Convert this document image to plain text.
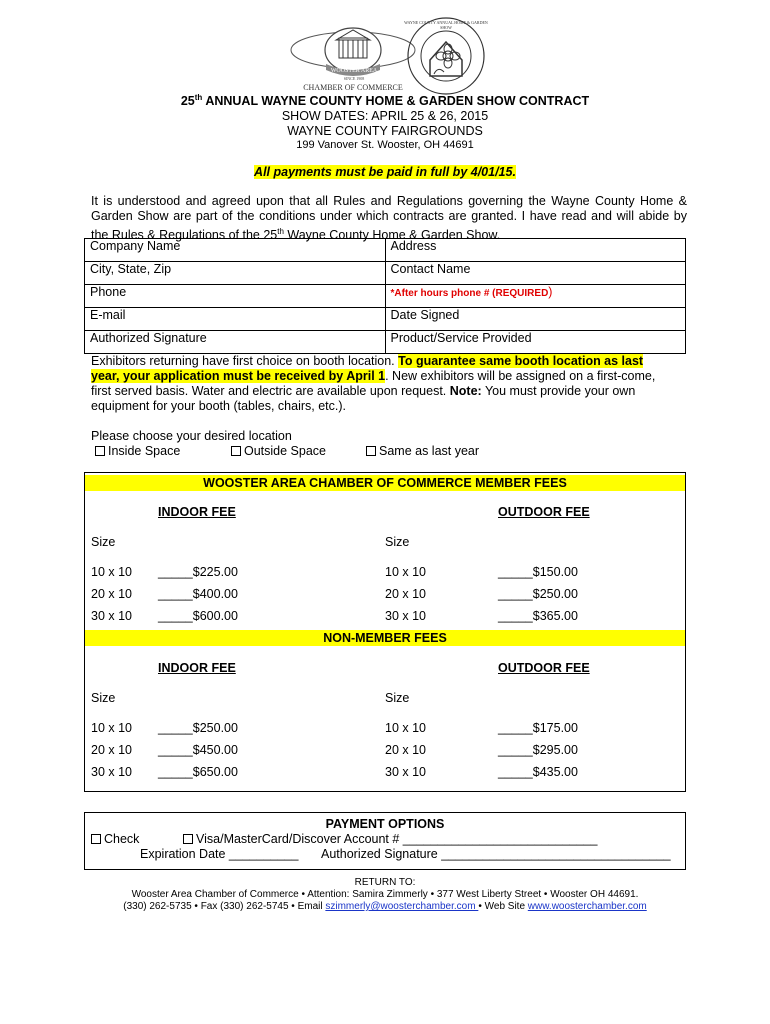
WOOSTER AREA
SINCE 1908
CHAMBER OF COMMERCE
WAYNE COUNTY ANNUAL HOME & GARDEN SHOW
25th ANNUAL WAYNE COUNTY HOME & GARDEN SHOW CONTRACT
SHOW DATES: APRIL 25 & 26, 2015
WAYNE COUNTY FAIRGROUNDS
199 Vanover St. Wooster, OH 44691
All payments must be paid in full by 4/01/15.
It is understood and agreed upon that all Rules and Regulations governing the Wayne County Home &
Garden Show are part of the conditions under which contracts are granted. I have read and will abide by
the Rules & Regulations of the 25th Wayne County Home & Garden Show.
Company Name	Address
City, State, Zip	Contact Name
Phone	*After hours phone # (REQUIRED)
E-mail	Date Signed
Authorized Signature	Product/Service Provided
Exhibitors returning have first choice on booth location. To guarantee same booth location as last
year, your application must be received by April 1. New exhibitors will be assigned on a first-come,
first served basis. Water and electric are available upon request. Note: You must provide your own
equipment for your booth (tables, chairs, etc.).
Please choose your desired location
Inside Space	Outside Space	Same as last year
WOOSTER AREA CHAMBER OF COMMERCE MEMBER FEES
INDOOR FEE	OUTDOOR FEE
Size	Size
10 x 10 _____$225.00	10 x 10	_____$150.00
20 x 10 _____$400.00	20 x 10	_____$250.00
30 x 10 _____$600.00	30 x 10	_____$365.00
NON-MEMBER FEES
INDOOR FEE	OUTDOOR FEE
Size	Size
10 x 10 _____$250.00	10 x 10	_____$175.00
20 x 10 _____$450.00	20 x 10	_____$295.00
30 x 10 _____$650.00	30 x 10	_____$435.00
PAYMENT OPTIONS
Check	Visa/MasterCard/Discover Account # ____________________________
Expiration Date __________ Authorized Signature _________________________________
RETURN TO:
Wooster Area Chamber of Commerce • Attention: Samira Zimmerly • 377 West Liberty Street • Wooster OH 44691.
(330) 262-5735 • Fax (330) 262-5745 • Email szimmerly@woosterchamber.com • Web Site www.woosterchamber.com
